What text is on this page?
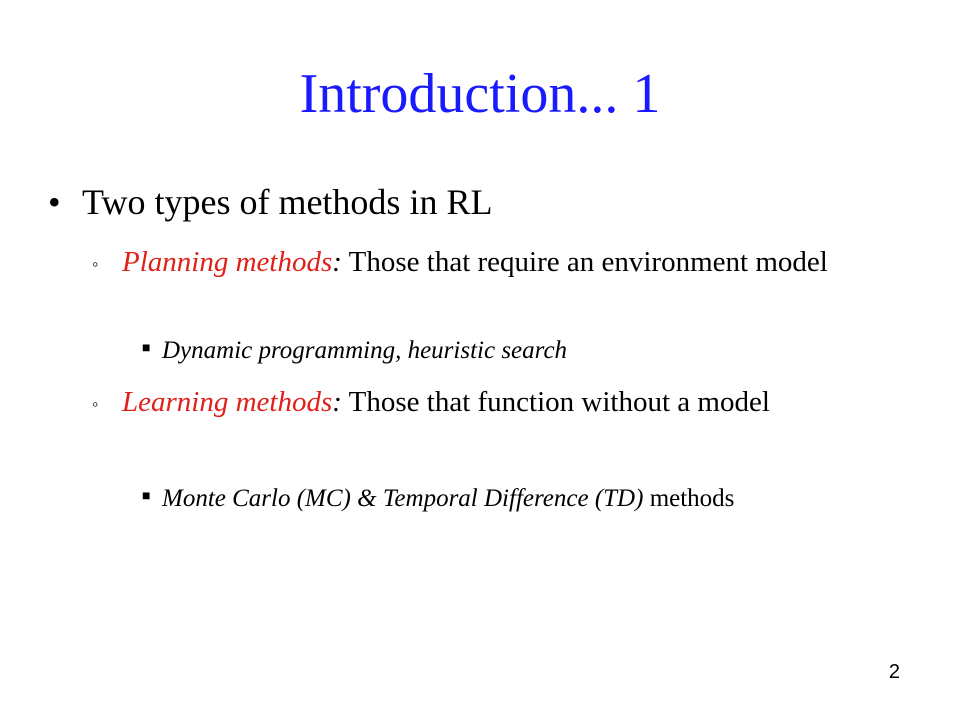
Introduction... 1
• Two types of methods in RL
◦ Planning methods: Those that require an environment model
■ Dynamic programming, heuristic search
◦ Learning methods: Those that function without a model
■ Monte Carlo (MC) & Temporal Difference (TD) methods
2
